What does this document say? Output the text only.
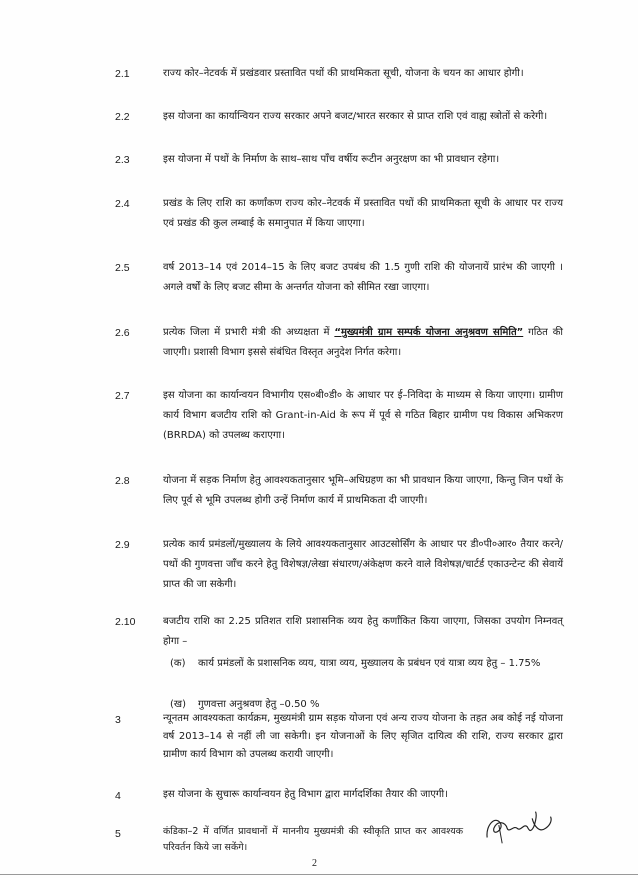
2.1	राज्य कोर–नेटवर्क में प्रखंडवार प्रस्तावित पथों की प्राथमिकता सूची, योजना के चयन का आधार होगी।
2.2	इस योजना का कार्यान्वियन राज्य सरकार अपने बजट/भारत सरकार से प्राप्त राशि एवं वाह्य स्त्रोतों से करेगी।
2.3	इस योजना में पथों के निर्माण के साथ–साथ पाँच वर्षीय रूटीन अनुरक्षण का भी प्रावधान रहेगा।
2.4	प्रखंड के लिए राशि का कर्णांकण राज्य कोर–नेटवर्क में प्रस्तावित पथों की प्राथमिकता सूची के आधार पर राज्य एवं प्रखंड की कुल लम्बाई के समानुपात में किया जाएगा।
2.5	वर्ष 2013–14 एवं 2014–15 के लिए बजट उपबंध की 1.5 गुणी राशि की योजनायें प्रारंभ की जाएगी । अगले वर्षों के लिए बजट सीमा के अन्तर्गत योजना को सीमित रखा जाएगा।
2.6	प्रत्येक जिला में प्रभारी मंत्री की अध्यक्षता में “मुख्यमंत्री ग्राम सम्पर्क योजना अनुश्रवण समिति” गठित की जाएगी। प्रशासी विभाग इससे संबंधित विस्तृत अनुदेश निर्गत करेगा।
2.7	इस योजना का कार्यान्वयन विभागीय एस०बी०डी० के आधार पर ई–निविदा के माध्यम से किया जाएगा। ग्रामीण कार्य विभाग बजटीय राशि को Grant-in-Aid के रूप में पूर्व से गठित बिहार ग्रामीण पथ विकास अभिकरण (BRRDA) को उपलब्ध कराएगा।
2.8	योजना में सड़क निर्माण हेतु आवश्यकतानुसार भूमि–अधिग्रहण का भी प्रावधान किया जाएगा, किन्तु जिन पथों के लिए पूर्व से भूमि उपलब्ध होगी उन्हें निर्माण कार्य में प्राथमिकता दी जाएगी।
2.9	प्रत्येक कार्य प्रमंडलों/मुख्यालय के लिये आवश्यकतानुसार आउटसोर्सिंग के आधार पर डी०पी०आर० तैयार करने/पथों की गुणवत्ता जाँच करने हेतु विशेषज्ञ/लेखा संधारण/अंकेक्षण करने वाले विशेषज्ञ/चार्टर्ड एकाउन्टेन्ट की सेवायें प्राप्त की जा सकेगी।
2.10	बजटीय राशि का 2.25 प्रतिशत राशि प्रशासनिक व्यय हेतु कर्णांकित किया जाएगा, जिसका उपयोग निम्नवत् होगा –
(क) कार्य प्रमंडलों के प्रशासनिक व्यय, यात्रा व्यय, मुख्यालय के प्रबंधन एवं यात्रा व्यय हेतु – 1.75%
(ख) गुणवत्ता अनुश्रवण हेतु –0.50 %
3	न्यूनतम आवश्यकता कार्यक्रम, मुख्यमंत्री ग्राम सड़क योजना एवं अन्य राज्य योजना के तहत अब कोई नई योजना वर्ष 2013–14 से नहीं ली जा सकेगी। इन योजनाओं के लिए सृजित दायित्व की राशि, राज्य सरकार द्वारा ग्रामीण कार्य विभाग को उपलब्ध करायी जाएगी।
2
4	इस योजना के सुचारू कार्यान्वयन हेतु विभाग द्वारा मार्गदर्शिका तैयार की जाएगी।
5	कंडिका–2 में वर्णित प्रावधानों में माननीय मुख्यमंत्री की स्वीकृति प्राप्त कर आवश्यक परिवर्तन किये जा सकेंगे।
